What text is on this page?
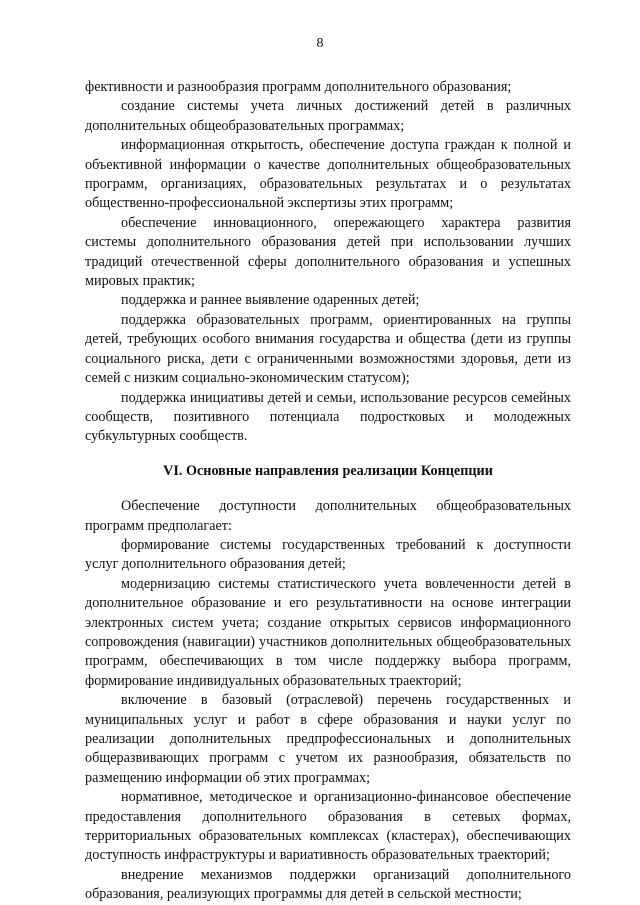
8

фективности и разнообразия программ дополнительного образования;

создание системы учета личных достижений детей в различных дополнительных общеобразовательных программах;

информационная открытость, обеспечение доступа граждан к полной и объективной информации о качестве дополнительных общеобразовательных программ, организациях, образовательных результатах и о результатах общественно-профессиональной экспертизы этих программ;

обеспечение инновационного, опережающего характера развития системы дополнительного образования детей при использовании лучших традиций отечественной сферы дополнительного образования и успешных мировых практик;

поддержка и раннее выявление одаренных детей;

поддержка образовательных программ, ориентированных на группы детей, требующих особого внимания государства и общества (дети из группы социального риска, дети с ограниченными возможностями здоровья, дети из семей с низким социально-экономическим статусом);

поддержка инициативы детей и семьи, использование ресурсов семейных сообществ, позитивного потенциала подростковых и молодежных субкультурных сообществ.

VI. Основные направления реализации Концепции

Обеспечение доступности дополнительных общеобразовательных программ предполагает:

формирование системы государственных требований к доступности услуг дополнительного образования детей;

модернизацию системы статистического учета вовлеченности детей в дополнительное образование и его результативности на основе интеграции электронных систем учета; создание открытых сервисов информационного сопровождения (навигации) участников дополнительных общеобразовательных программ, обеспечивающих в том числе поддержку выбора программ, формирование индивидуальных образовательных траекторий;

включение в базовый (отраслевой) перечень государственных и муниципальных услуг и работ в сфере образования и науки услуг по реализации дополнительных предпрофессиональных и дополнительных общеразвивающих программ с учетом их разнообразия, обязательств по размещению информации об этих программах;

нормативное, методическое и организационно-финансовое обеспечение предоставления дополнительного образования в сетевых формах, территориальных образовательных комплексах (кластерах), обеспечивающих доступность инфраструктуры и вариативность образовательных траекторий;

внедрение механизмов поддержки организаций дополнительного образования, реализующих программы для детей в сельской местности;
